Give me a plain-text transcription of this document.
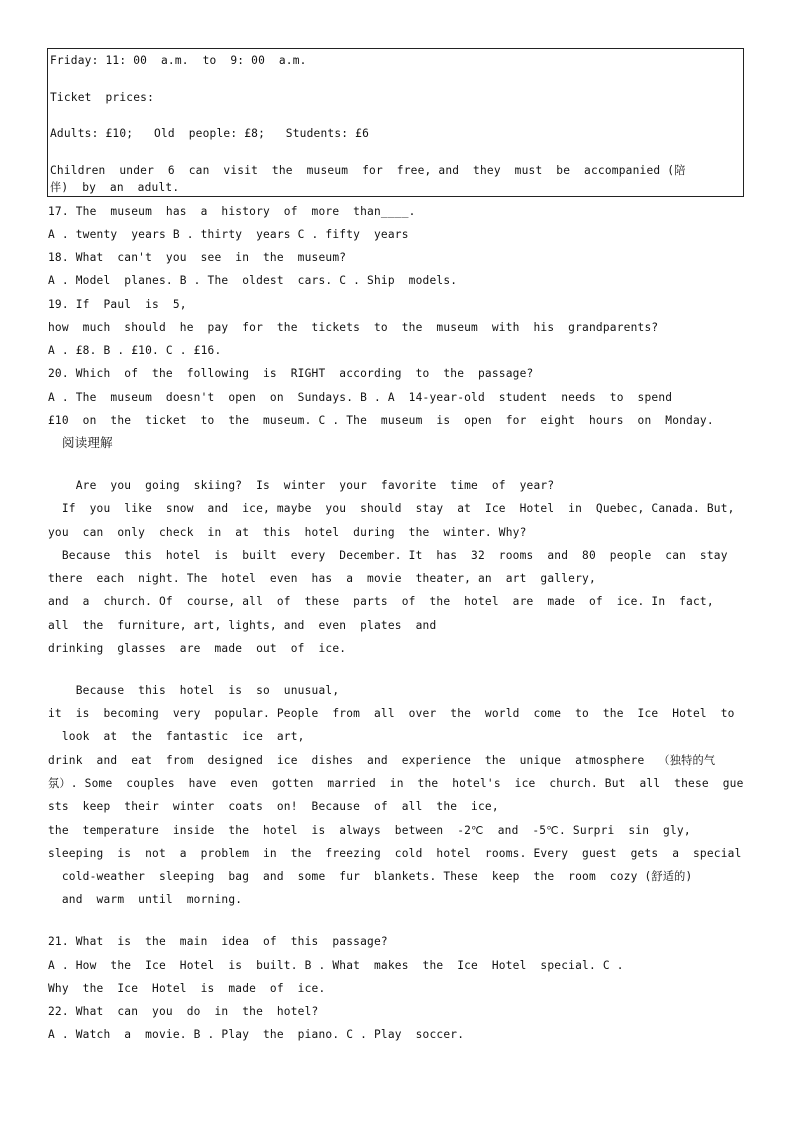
Friday: 11: 00  a.m.  to  9: 00  a.m.
Ticket  prices:
Adults: £10;   Old  people: £8;   Students: £6
Children  under  6  can  visit  the  museum  for  free, and  they  must  be  accompanied (陪
伴)  by  an  adult.
17. The  museum  has  a  history  of  more  than____.
A . twenty  years B . thirty  years C . fifty  years
18. What  can't  you  see  in  the  museum?
A . Model  planes. B . The  oldest  cars. C . Ship  models.
19. If  Paul  is  5,
how  much  should  he  pay  for  the  tickets  to  the  museum  with  his  grandparents?
A . £8. B . £10. C . £16.
20. Which  of  the  following  is  RIGHT  according  to  the  passage?
A . The  museum  doesn't  open  on  Sundays. B . A  14-year-old  student  needs  to  spend
£10  on  the  ticket  to  the  museum. C . The  museum  is  open  for  eight  hours  on  Monday.
阅读理解
Are  you  going  skiing?  Is  winter  your  favorite  time  of  year?
If  you  like  snow  and  ice, maybe  you  should  stay  at  Ice  Hotel  in  Quebec, Canada. But,
you  can  only  check  in  at  this  hotel  during  the  winter. Why?
Because  this  hotel  is  built  every  December. It  has  32  rooms  and  80  people  can  stay
there  each  night. The  hotel  even  has  a  movie  theater, an  art  gallery,
and  a  church. Of  course, all  of  these  parts  of  the  hotel  are  made  of  ice. In  fact,
all  the  furniture, art, lights, and  even  plates  and
drinking  glasses  are  made  out  of  ice.
Because  this  hotel  is  so  unusual,
it  is  becoming  very  popular. People  from  all  over  the  world  come  to  the  Ice  Hotel  to
look  at  the  fantastic  ice  art,
drink  and  eat  from  designed  ice  dishes  and  experience  the  unique  atmosphere  （独特的气
氛）. Some  couples  have  even  gotten  married  in  the  hotel's  ice  church. But  all  these  gue
sts  keep  their  winter  coats  on!  Because  of  all  the  ice,
the  temperature  inside  the  hotel  is  always  between  -2℃  and  -5℃. Surpri  sin  gly,
sleeping  is  not  a  problem  in  the  freezing  cold  hotel  rooms. Every  guest  gets  a  special
cold-weather  sleeping  bag  and  some  fur  blankets. These  keep  the  room  cozy (舒适的)
and  warm  until  morning.
21. What  is  the  main  idea  of  this  passage?
A . How  the  Ice  Hotel  is  built. B . What  makes  the  Ice  Hotel  special. C .
Why  the  Ice  Hotel  is  made  of  ice.
22. What  can  you  do  in  the  hotel?
A . Watch  a  movie. B . Play  the  piano. C . Play  soccer.
